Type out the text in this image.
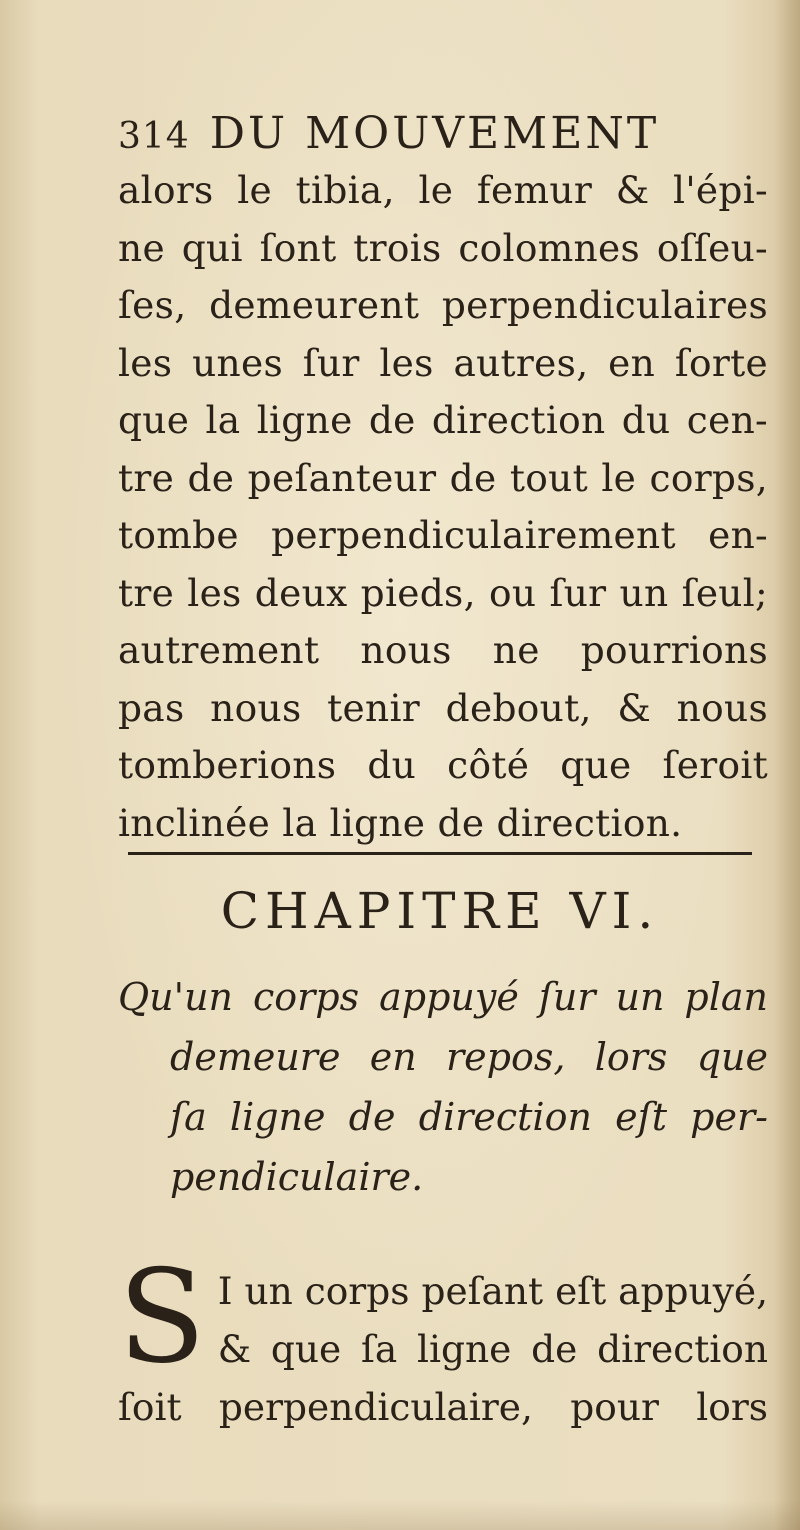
314 DU MOUVEMENT
alors le tibia, le femur & l'épi-
ne qui ſont trois colomnes oſſeu-
ſes, demeurent perpendiculaires
les unes ſur les autres, en ſorte
que la ligne de direction du cen-
tre de peſanteur de tout le corps,
tombe perpendiculairement en-
tre les deux pieds, ou ſur un ſeul;
autrement nous ne pourrions
pas nous tenir debout, & nous
tomberions du côté que ſeroit
inclinée la ligne de direction.
CHAPITRE VI.
Qu'un corps appuyé ſur un plan
demeure en repos, lors que
ſa ligne de direction eſt per-
pendiculaire.
S I un corps peſant eſt appuyé,
& que ſa ligne de direction
ſoit perpendiculaire, pour lors
